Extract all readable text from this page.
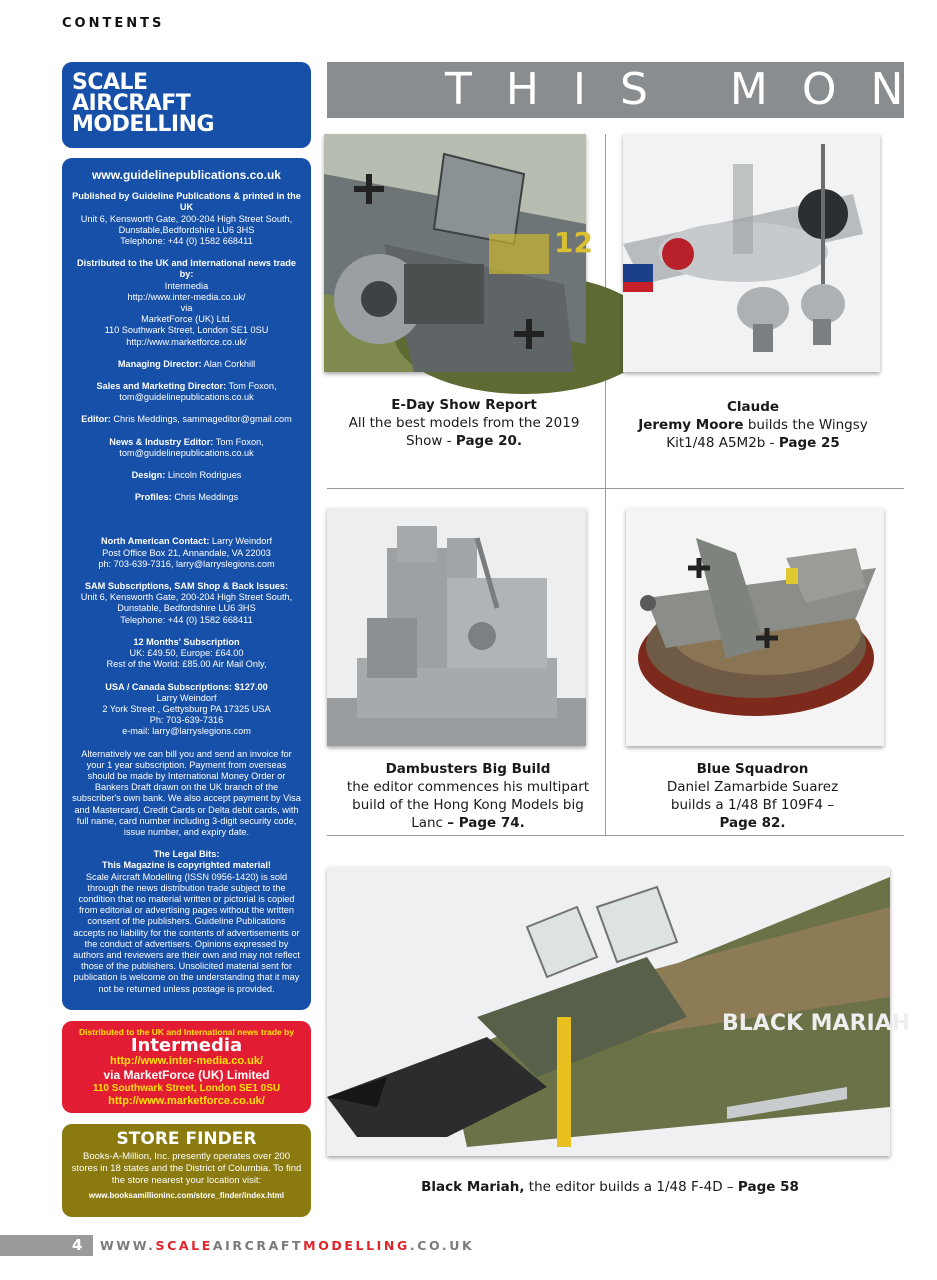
CONTENTS
SCALE
AIRCRAFT
MODELLING
www.guidelinepublications.co.uk

Published by Guideline Publications & printed in the UK
Unit 6, Kensworth Gate, 200-204 High Street South, Dunstable,Bedfordshire LU6 3HS
Telephone: +44 (0) 1582 668411

Distributed to the UK and International news trade by:
Intermedia
http://www.inter-media.co.uk/
via
MarketForce (UK) Ltd.
110 Southwark Street, London SE1 0SU
http://www.marketforce.co.uk/

Managing Director: Alan Corkhill

Sales and Marketing Director: Tom Foxon,
tom@guidelinepublications.co.uk

Editor: Chris Meddings, sammageditor@gmail.com

News & Industry Editor: Tom Foxon,
tom@guidelinepublications.co.uk

Design: Lincoln Rodrigues

Profiles: Chris Meddings

North American Contact: Larry Weindorf
Post Office Box 21, Annandale, VA 22003
ph: 703-639-7316, larry@larryslegions.com

SAM Subscriptions, SAM Shop & Back Issues:
Unit 6, Kensworth Gate, 200-204 High Street South, Dunstable, Bedfordshire LU6 3HS
Telephone: +44 (0) 1582 668411

12 Months' Subscription
UK: £49.50, Europe: £64.00
Rest of the World: £85.00 Air Mail Only,

USA / Canada Subscriptions: $127.00
Larry Weindorf
2 York Street , Gettysburg PA 17325 USA
Ph: 703-639-7316
e-mail: larry@larryslegions.com

Alternatively we can bill you and send an invoice for your 1 year subscription. Payment from overseas should be made by International Money Order or Bankers Draft drawn on the UK branch of the subscriber's own bank. We also accept payment by Visa and Mastercard, Credit Cards or Delta debit cards, with full name, card number including 3-digit security code, issue number, and expiry date.

The Legal Bits:
This Magazine is copyrighted material!
Scale Aircraft Modelling (ISSN 0956-1420) is sold through the news distribution trade subject to the condition that no material written or pictorial is copied from editorial or advertising pages without the written consent of the publishers. Guideline Publications accepts no liability for the contents of advertisements or the conduct of advertisers. Opinions expressed by authors and reviewers are their own and may not reflect those of the publishers. Unsolicited material sent for publication is welcome on the understanding that it may not be returned unless postage is provided.

Distributed to the UK and International news trade by
Intermedia
http://www.inter-media.co.uk/
via MarketForce (UK) Limited
110 Southwark Street, London SE1 0SU
http://www.marketforce.co.uk/
STORE FINDER
Books-A-Million, Inc. presently operates over 200 stores in 18 states and the District of Columbia. To find the store nearest your location visit:
www.booksamillioninc.com/store_finder/index.html
THIS MON
12
E-Day Show Report
All the best models from the 2019 Show - Page 20.
Claude
Jeremy Moore builds the Wingsy Kit1/48 A5M2b - Page 25
Dambusters Big Build
the editor commences his multipart build of the Hong Kong Models big Lanc – Page 74.
Blue Squadron
Daniel Zamarbide Suarez builds a 1/48 Bf 109F4 – Page 82.
BLACK MARIAH
Black Mariah, the editor builds a 1/48 F-4D – Page 58
4 WWW.SCALEAIRCRAFTMODELLING.CO.UK
